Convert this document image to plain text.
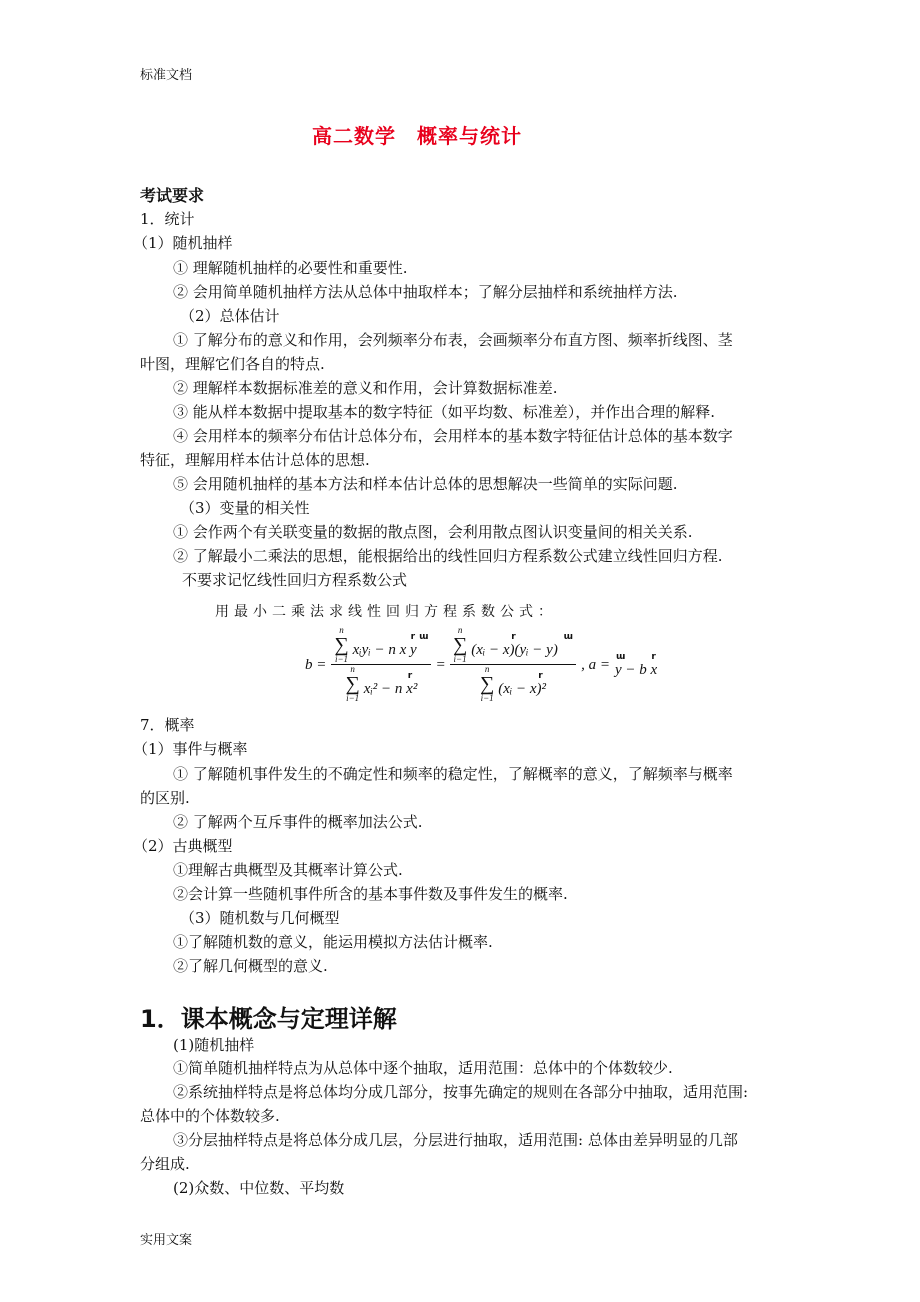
标准文档
高二数学　概率与统计
考试要求
1．统计
（1）随机抽样
① 理解随机抽样的必要性和重要性.
② 会用简单随机抽样方法从总体中抽取样本；了解分层抽样和系统抽样方法.
（2）总体估计
① 了解分布的意义和作用，会列频率分布表，会画频率分布直方图、频率折线图、茎
叶图，理解它们各自的特点.
② 理解样本数据标准差的意义和作用，会计算数据标准差.
③ 能从样本数据中提取基本的数字特征（如平均数、标准差），并作出合理的解释.
④ 会用样本的频率分布估计总体分布，会用样本的基本数字特征估计总体的基本数字
特征，理解用样本估计总体的思想.
⑤ 会用随机抽样的基本方法和样本估计总体的思想解决一些简单的实际问题.
（3）变量的相关性
① 会作两个有关联变量的数据的散点图，会利用散点图认识变量间的相关关系.
② 了解最小二乘法的思想，能根据给出的线性回归方程系数公式建立线性回归方程.
不要求记忆线性回归方程系数公式
用最小二乘法求线性回归方程系数公式：
b =
n
∑
i−1
r ɯ
xᵢyᵢ − n x y
n
∑
i−1
r
xᵢ² − n x²
=
n
∑
i−1
r	ɯ
(xᵢ − x)(yᵢ − y)
n
∑
i−1
r
(xᵢ − x)²
, a = ɯ	r
y − b x
7．概率
（1）事件与概率
① 了解随机事件发生的不确定性和频率的稳定性，了解概率的意义，了解频率与概率
的区别.
② 了解两个互斥事件的概率加法公式.
（2）古典概型
①理解古典概型及其概率计算公式.
②会计算一些随机事件所含的基本事件数及事件发生的概率.
（3）随机数与几何概型
①了解随机数的意义，能运用模拟方法估计概率.
②了解几何概型的意义.
1．课本概念与定理详解
(1)随机抽样
①简单随机抽样特点为从总体中逐个抽取，适用范围：总体中的个体数较少.
②系统抽样特点是将总体均分成几部分，按事先确定的规则在各部分中抽取，适用范围:
总体中的个体数较多.
③分层抽样特点是将总体分成几层，分层进行抽取，适用范围: 总体由差异明显的几部
分组成.
(2)众数、中位数、平均数
实用文案
